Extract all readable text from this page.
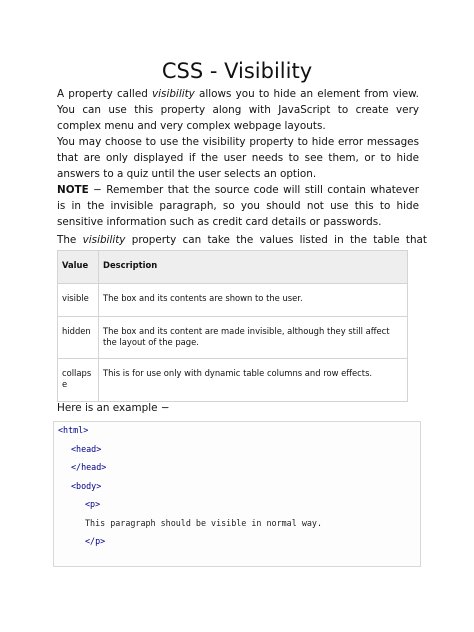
CSS - Visibility

A property called visibility allows you to hide an element from view. You can use this property along with JavaScript to create very complex menu and very complex webpage layouts.

You may choose to use the visibility property to hide error messages that are only displayed if the user needs to see them, or to hide answers to a quiz until the user selects an option.

NOTE − Remember that the source code will still contain whatever is in the invisible paragraph, so you should not use this to hide sensitive information such as credit card details or passwords.

The visibility property can take the values listed in the table that

Value	Description
visible	The box and its contents are shown to the user.
hidden	The box and its content are made invisible, although they still affect the layout of the page.
collapse	This is for use only with dynamic table columns and row effects.

Here is an example −

<html>
<head>
</head>
<body>
<p>
This paragraph should be visible in normal way.
</p>
